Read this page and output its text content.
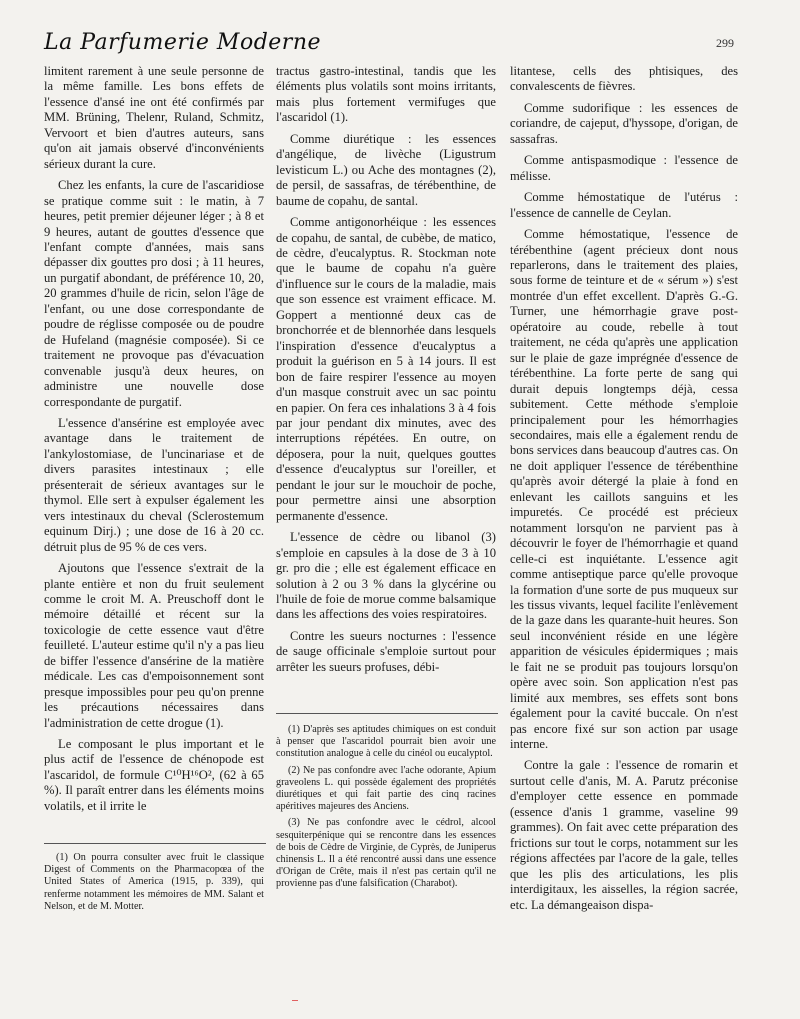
La Parfumerie Moderne	299

limitent rarement à une seule personne de la même famille. Les bons effets de l'essence d'ansé ine ont été confirmés par MM. Brüning, Thelenr, Ruland, Schmitz, Vervoort et bien d'autres auteurs, sans qu'on ait jamais observé d'inconvénients sérieux durant la cure.

Chez les enfants, la cure de l'ascaridiose se pratique comme suit : le matin, à 7 heures, petit premier déjeuner léger ; à 8 et 9 heures, autant de gouttes d'essence que l'enfant compte d'années, mais sans dépasser dix gouttes pro dosi ; à 11 heures, un purgatif abondant, de préférence 10, 20, 20 grammes d'huile de ricin, selon l'âge de l'enfant, ou une dose correspondante de poudre de réglisse composée ou de poudre de Hufeland (magnésie composée). Si ce traitement ne provoque pas d'évacuation convenable jusqu'à deux heures, on administre une nouvelle dose correspondante de purgatif.

L'essence d'ansérine est employée avec avantage dans le traitement de l'ankylostomiase, de l'uncinariase et de divers parasites intestinaux ; elle présenterait de sérieux avantages sur le thymol. Elle sert à expulser également les vers intestinaux du cheval (Sclerostemum equinum Dirj.) ; une dose de 16 à 20 cc. détruit plus de 95 % de ces vers.

Ajoutons que l'essence s'extrait de la plante entière et non du fruit seulement comme le croit M. A. Preuschoff dont le mémoire détaillé et récent sur la toxicologie de cette essence vaut d'être feuilleté. L'auteur estime qu'il n'y a pas lieu de biffer l'essence d'ansérine de la matière médicale. Les cas d'empoisonnement sont presque impossibles pour peu qu'on prenne les précautions nécessaires dans l'administration de cette drogue (1).

Le composant le plus important et le plus actif de l'essence de chénopode est l'ascaridol, de formule C¹⁰H¹⁶O², (62 à 65 %). Il paraît entrer dans les éléments moins volatils, et il irrite le

(1) On pourra consulter avec fruit le classique Digest of Comments on the Pharmacopœa of the United States of America (1915, p. 339), qui renferme notamment les mémoires de MM. Salant et Nelson, et de M. Motter.

tractus gastro-intestinal, tandis que les éléments plus volatils sont moins irritants, mais plus fortement vermifuges que l'ascaridol (1).

Comme diurétique : les essences d'angélique, de livèche (Ligustrum levisticum L.) ou Ache des montagnes (2), de persil, de sassafras, de térébenthine, de baume de copahu, de santal.

Comme antigonorhéique : les essences de copahu, de santal, de cubèbe, de matico, de cèdre, d'eucalyptus. R. Stockman note que le baume de copahu n'a guère d'influence sur le cours de la maladie, mais que son essence est vraiment efficace. M. Goppert a mentionné deux cas de bronchorrée et de blennorhée dans lesquels l'inspiration d'essence d'eucalyptus a produit la guérison en 5 à 14 jours. Il est bon de faire respirer l'essence au moyen d'un masque construit avec un sac pointu en papier. On fera ces inhalations 3 à 4 fois par jour pendant dix minutes, avec des interruptions répétées. En outre, on déposera, pour la nuit, quelques gouttes d'essence d'eucalyptus sur l'oreiller, et pendant le jour sur le mouchoir de poche, pour permettre ainsi une absorption permanente d'essence.

L'essence de cèdre ou libanol (3) s'emploie en capsules à la dose de 3 à 10 gr. pro die ; elle est également efficace en solution à 2 ou 3 % dans la glycérine ou l'huile de foie de morue comme balsamique dans les affections des voies respiratoires.

Contre les sueurs nocturnes : l'essence de sauge officinale s'emploie surtout pour arrêter les sueurs profuses, débi-

(1) D'après ses aptitudes chimiques on est conduit à penser que l'ascaridol pourrait bien avoir une constitution analogue à celle du cinéol ou eucalyptol.

(2) Ne pas confondre avec l'ache odorante, Apium graveolens L. qui possède également des propriétés diurétiques et qui fait partie des cinq racines apéritives majeures des Anciens.

(3) Ne pas confondre avec le cédrol, alcool sesquiterpénique qui se rencontre dans les essences de bois de Cèdre de Virginie, de Cyprès, de Juniperus chinensis L. Il a été rencontré aussi dans une essence d'Origan de Crête, mais il n'est pas certain qu'il ne provienne pas d'une falsification (Charabot).

litantese, cells des phtisiques, des convalescents de fièvres.

Comme sudorifique : les essences de coriandre, de cajeput, d'hyssope, d'origan, de sassafras.

Comme antispasmodique : l'essence de mélisse.

Comme hémostatique de l'utérus : l'essence de cannelle de Ceylan.

Comme hémostatique, l'essence de térébenthine (agent précieux dont nous reparlerons, dans le traitement des plaies, sous forme de teinture et de « sérum ») s'est montrée d'un effet excellent. D'après G.-G. Turner, une hémorrhagie grave post-opératoire au coude, rebelle à tout traitement, ne céda qu'après une application sur le plaie de gaze imprégnée d'essence de térébenthine. La forte perte de sang qui durait depuis longtemps déjà, cessa subitement. Cette méthode s'emploie principalement pour les hémorrhagies secondaires, mais elle a également rendu de bons services dans beaucoup d'autres cas. On ne doit appliquer l'essence de térébenthine qu'après avoir détergé la plaie à fond en enlevant les caillots sanguins et les impuretés. Ce procédé est précieux notamment lorsqu'on ne parvient pas à découvrir le foyer de l'hémorrhagie et quand celle-ci est inquiétante. L'essence agit comme antiseptique parce qu'elle provoque la formation d'une sorte de pus muqueux sur les tissus vivants, lequel facilite l'enlèvement de la gaze dans les quarante-huit heures. Son seul inconvénient réside en une légère apparition de vésicules épidermiques ; mais le fait ne se produit pas toujours lorsqu'on opère avec soin. Son application n'est pas limité aux membres, ses effets sont bons également pour la cavité buccale. On n'est pas encore fixé sur son action par usage interne.

Contre la gale : l'essence de romarin et surtout celle d'anis, M. A. Parutz préconise d'employer cette essence en pommade (essence d'anis 1 gramme, vaseline 99 grammes). On fait avec cette préparation des frictions sur tout le corps, notamment sur les régions affectées par l'acore de la gale, telles que les plis des articulations, les plis interdigitaux, les aisselles, la région sacrée, etc. La démangeaison dispa-
